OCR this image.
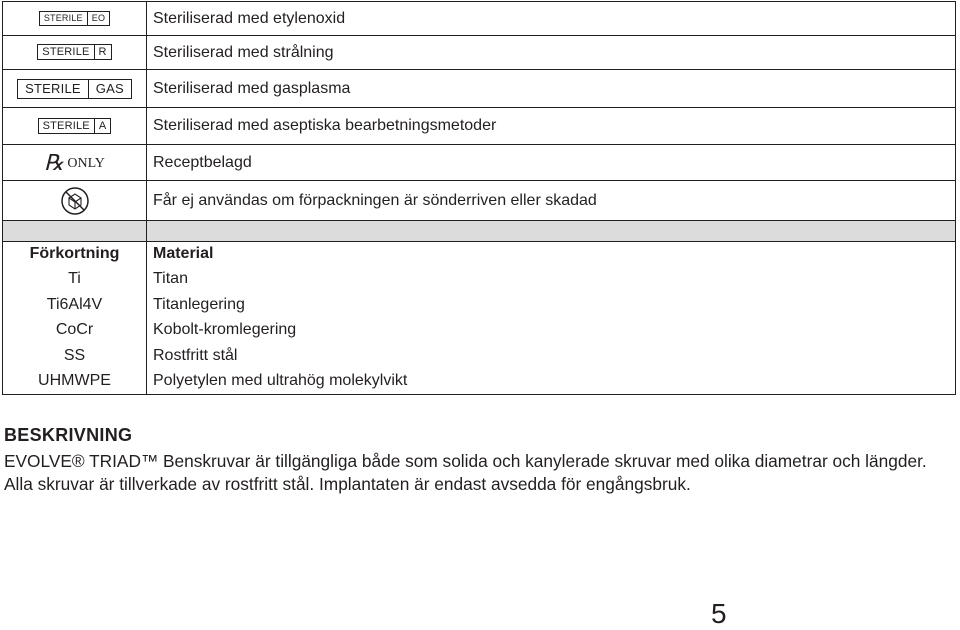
STERILE EO	Steriliserad med etylenoxid
STERILE R	Steriliserad med strålning
STERILE GAS	Steriliserad med gasplasma
STERILE A	Steriliserad med aseptiska bearbetningsmetoder
℞ ONLY	Receptbelagd
	Får ej användas om förpackningen är sönderriven eller skadad

Förkortning	Material
Ti	Titan
Ti6Al4V	Titanlegering
CoCr	Kobolt-kromlegering
SS	Rostfritt stål
UHMWPE	Polyetylen med ultrahög molekylvikt
BESKRIVNING

EVOLVE® TRIAD™ Benskruvar är tillgängliga både som solida och kanylerade skruvar med olika diametrar och längder. Alla skruvar är tillverkade av rostfritt stål. Implantaten är endast avsedda för engångsbruk.

5
